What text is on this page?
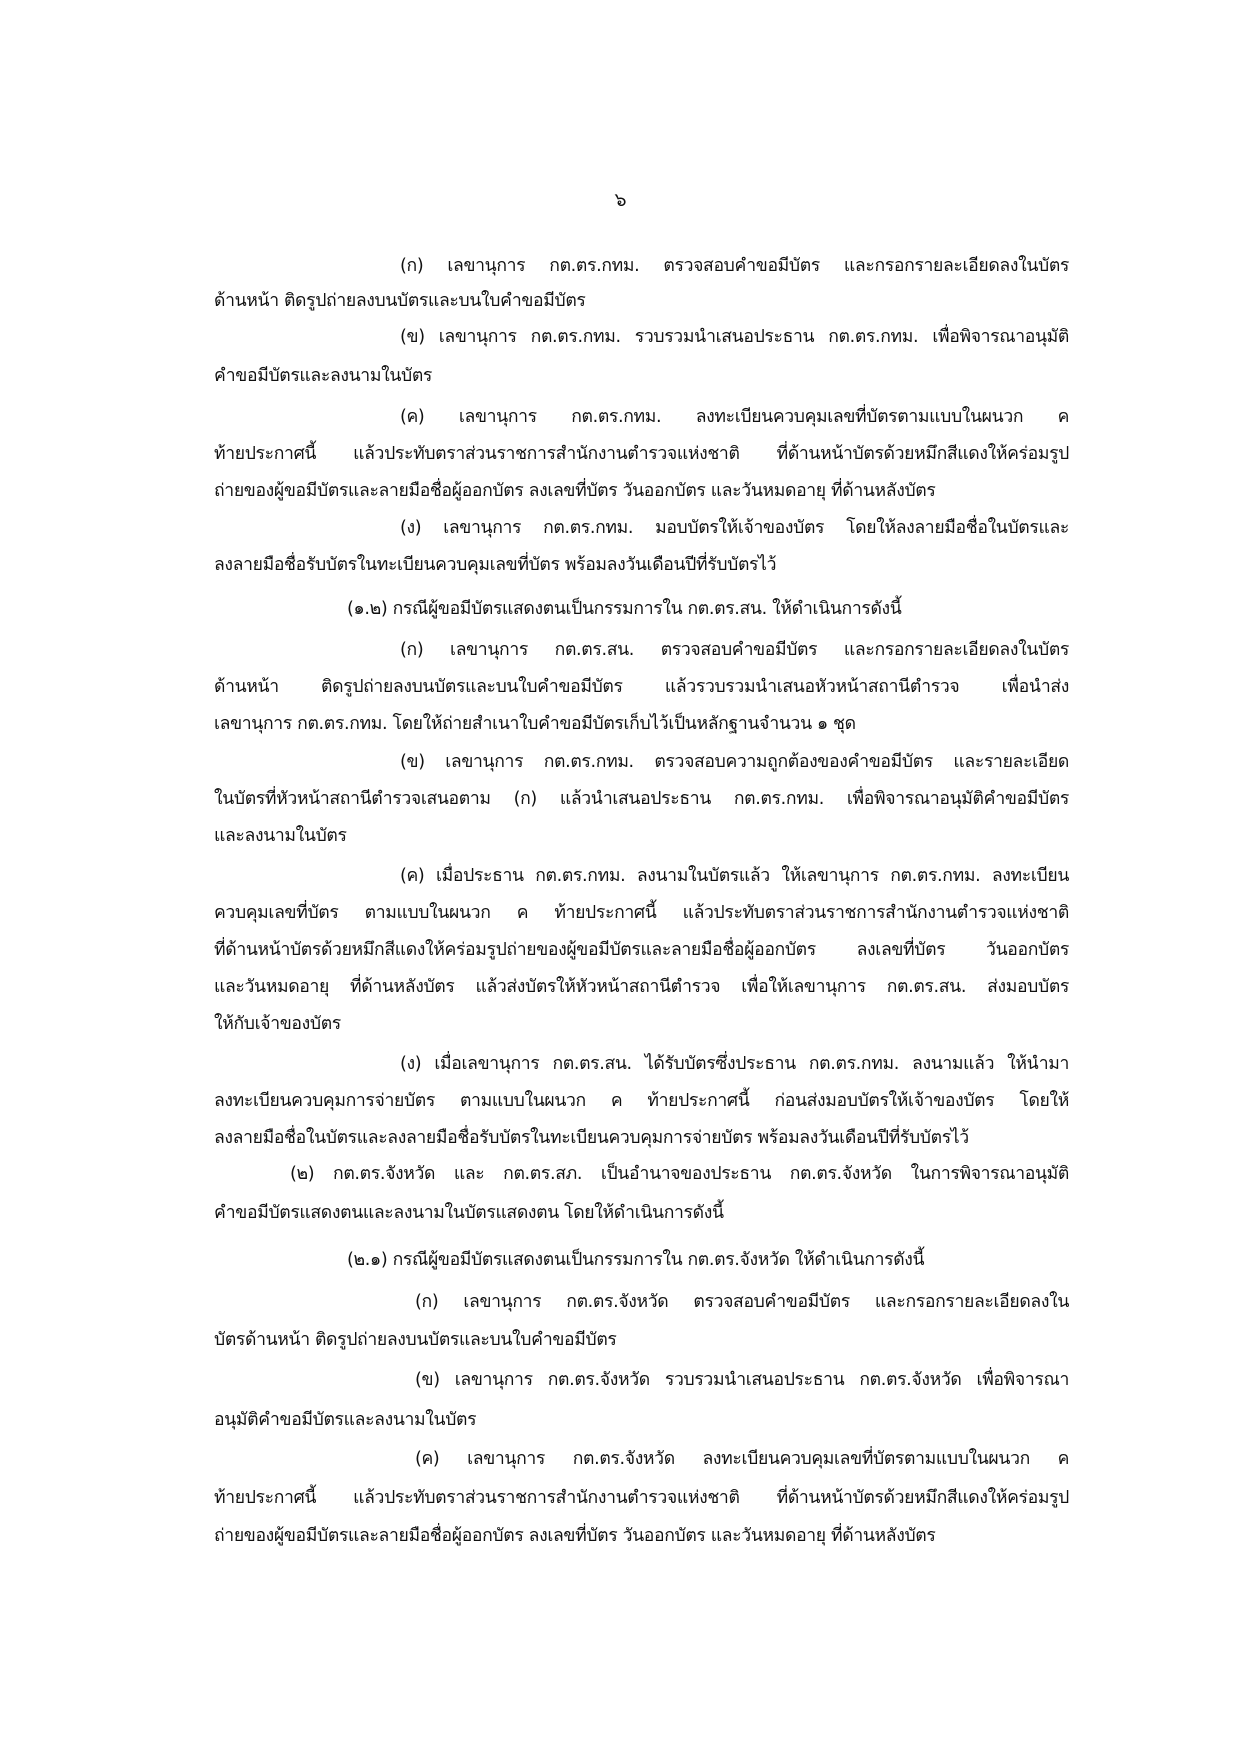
๖
(ก) เลขานุการ กต.ตร.กทม. ตรวจสอบคำขอมีบัตร และกรอกรายละเอียดลงในบัตร
ด้านหน้า ติดรูปถ่ายลงบนบัตรและบนใบคำขอมีบัตร
(ข) เลขานุการ กต.ตร.กทม. รวบรวมนำเสนอประธาน กต.ตร.กทม. เพื่อพิจารณาอนุมัติ
คำขอมีบัตรและลงนามในบัตร
(ค) เลขานุการ กต.ตร.กทม. ลงทะเบียนควบคุมเลขที่บัตรตามแบบในผนวก ค
ท้ายประกาศนี้ แล้วประทับตราส่วนราชการสำนักงานตำรวจแห่งชาติ ที่ด้านหน้าบัตรด้วยหมึกสีแดงให้คร่อมรูป
ถ่ายของผู้ขอมีบัตรและลายมือชื่อผู้ออกบัตร ลงเลขที่บัตร วันออกบัตร และวันหมดอายุ ที่ด้านหลังบัตร
(ง) เลขานุการ กต.ตร.กทม. มอบบัตรให้เจ้าของบัตร โดยให้ลงลายมือชื่อในบัตรและ
ลงลายมือชื่อรับบัตรในทะเบียนควบคุมเลขที่บัตร พร้อมลงวันเดือนปีที่รับบัตรไว้
(๑.๒) กรณีผู้ขอมีบัตรแสดงตนเป็นกรรมการใน กต.ตร.สน. ให้ดำเนินการดังนี้
(ก) เลขานุการ กต.ตร.สน. ตรวจสอบคำขอมีบัตร และกรอกรายละเอียดลงในบัตร
ด้านหน้า ติดรูปถ่ายลงบนบัตรและบนใบคำขอมีบัตร แล้วรวบรวมนำเสนอหัวหน้าสถานีตำรวจ เพื่อนำส่ง
เลขานุการ กต.ตร.กทม. โดยให้ถ่ายสำเนาใบคำขอมีบัตรเก็บไว้เป็นหลักฐานจำนวน ๑ ชุด
(ข) เลขานุการ กต.ตร.กทม. ตรวจสอบความถูกต้องของคำขอมีบัตร และรายละเอียด
ในบัตรที่หัวหน้าสถานีตำรวจเสนอตาม (ก) แล้วนำเสนอประธาน กต.ตร.กทม. เพื่อพิจารณาอนุมัติคำขอมีบัตร
และลงนามในบัตร
(ค) เมื่อประธาน กต.ตร.กทม. ลงนามในบัตรแล้ว ให้เลขานุการ กต.ตร.กทม. ลงทะเบียน
ควบคุมเลขที่บัตร ตามแบบในผนวก ค ท้ายประกาศนี้ แล้วประทับตราส่วนราชการสำนักงานตำรวจแห่งชาติ
ที่ด้านหน้าบัตรด้วยหมึกสีแดงให้คร่อมรูปถ่ายของผู้ขอมีบัตรและลายมือชื่อผู้ออกบัตร ลงเลขที่บัตร วันออกบัตร
และวันหมดอายุ ที่ด้านหลังบัตร แล้วส่งบัตรให้หัวหน้าสถานีตำรวจ เพื่อให้เลขานุการ กต.ตร.สน. ส่งมอบบัตร
ให้กับเจ้าของบัตร
(ง) เมื่อเลขานุการ กต.ตร.สน. ได้รับบัตรซึ่งประธาน กต.ตร.กทม. ลงนามแล้ว ให้นำมา
ลงทะเบียนควบคุมการจ่ายบัตร ตามแบบในผนวก ค ท้ายประกาศนี้ ก่อนส่งมอบบัตรให้เจ้าของบัตร โดยให้
ลงลายมือชื่อในบัตรและลงลายมือชื่อรับบัตรในทะเบียนควบคุมการจ่ายบัตร พร้อมลงวันเดือนปีที่รับบัตรไว้
(๒) กต.ตร.จังหวัด และ กต.ตร.สภ. เป็นอำนาจของประธาน กต.ตร.จังหวัด ในการพิจารณาอนุมัติ
คำขอมีบัตรแสดงตนและลงนามในบัตรแสดงตน โดยให้ดำเนินการดังนี้
(๒.๑) กรณีผู้ขอมีบัตรแสดงตนเป็นกรรมการใน กต.ตร.จังหวัด ให้ดำเนินการดังนี้
(ก) เลขานุการ กต.ตร.จังหวัด ตรวจสอบคำขอมีบัตร และกรอกรายละเอียดลงใน
บัตรด้านหน้า ติดรูปถ่ายลงบนบัตรและบนใบคำขอมีบัตร
(ข) เลขานุการ กต.ตร.จังหวัด รวบรวมนำเสนอประธาน กต.ตร.จังหวัด เพื่อพิจารณา
อนุมัติคำขอมีบัตรและลงนามในบัตร
(ค) เลขานุการ กต.ตร.จังหวัด ลงทะเบียนควบคุมเลขที่บัตรตามแบบในผนวก ค
ท้ายประกาศนี้ แล้วประทับตราส่วนราชการสำนักงานตำรวจแห่งชาติ ที่ด้านหน้าบัตรด้วยหมึกสีแดงให้คร่อมรูป
ถ่ายของผู้ขอมีบัตรและลายมือชื่อผู้ออกบัตร ลงเลขที่บัตร วันออกบัตร และวันหมดอายุ ที่ด้านหลังบัตร
